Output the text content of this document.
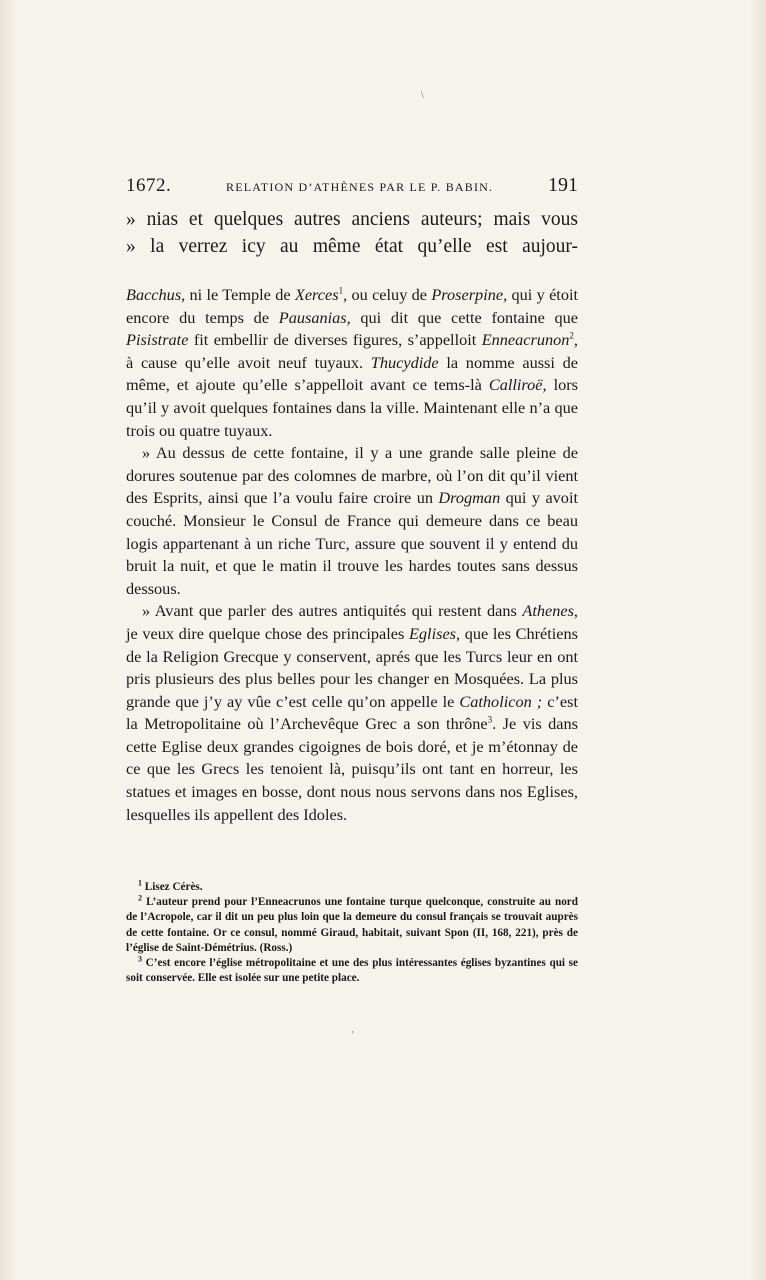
\
'
1672.	RELATION D’ATHÈNES PAR LE P. BABIN.	191
» nias et quelques autres anciens auteurs; mais vous
» la verrez icy au même état qu’elle est aujour-

Bacchus, ni le Temple de Xerces$^1$, ou celuy de Proserpine, qui y étoit encore du temps de Pausanias, qui dit que cette fontaine que Pisistrate fit embellir de diverses figures, s’appelloit Enneacrunon$^2$, à cause qu’elle avoit neuf tuyaux. Thucydide la nomme aussi de même, et ajoute qu’elle s’appelloit avant ce tems-là Calliroë, lors qu’il y avoit quelques fontaines dans la ville. Maintenant elle n’a que trois ou quatre tuyaux.

» Au dessus de cette fontaine, il y a une grande salle pleine de dorures soutenue par des colomnes de marbre, où l’on dit qu’il vient des Esprits, ainsi que l’a voulu faire croire un Drogman qui y avoit couché. Monsieur le Consul de France qui demeure dans ce beau logis appartenant à un riche Turc, assure que souvent il y entend du bruit la nuit, et que le matin il trouve les hardes toutes sans dessus dessous.

» Avant que parler des autres antiquités qui restent dans Athenes, je veux dire quelque chose des principales Eglises, que les Chrétiens de la Religion Grecque y conservent, aprés que les Turcs leur en ont pris plusieurs des plus belles pour les changer en Mosquées. La plus grande que j’y ay vûe c’est celle qu’on appelle le Catholicon ; c’est la Metropolitaine où l’Archevêque Grec a son thrône$^3$. Je vis dans cette Eglise deux grandes cigoignes de bois doré, et je m’étonnay de ce que les Grecs les tenoient là, puisqu’ils ont tant en horreur, les statues et images en bosse, dont nous nous servons dans nos Eglises, lesquelles ils appellent des Idoles.

$^1$ Lisez Cérès.

$^2$ L’auteur prend pour l’Enneacrunos une fontaine turque quelconque, construite au nord de l’Acropole, car il dit un peu plus loin que la demeure du consul français se trouvait auprès de cette fontaine. Or ce consul, nommé Giraud, habitait, suivant Spon (II, 168, 221), près de l’église de Saint-Démétrius. (Ross.)

$^3$ C’est encore l’église métropolitaine et une des plus intéressantes églises byzantines qui se soit conservée. Elle est isolée sur une petite place.
